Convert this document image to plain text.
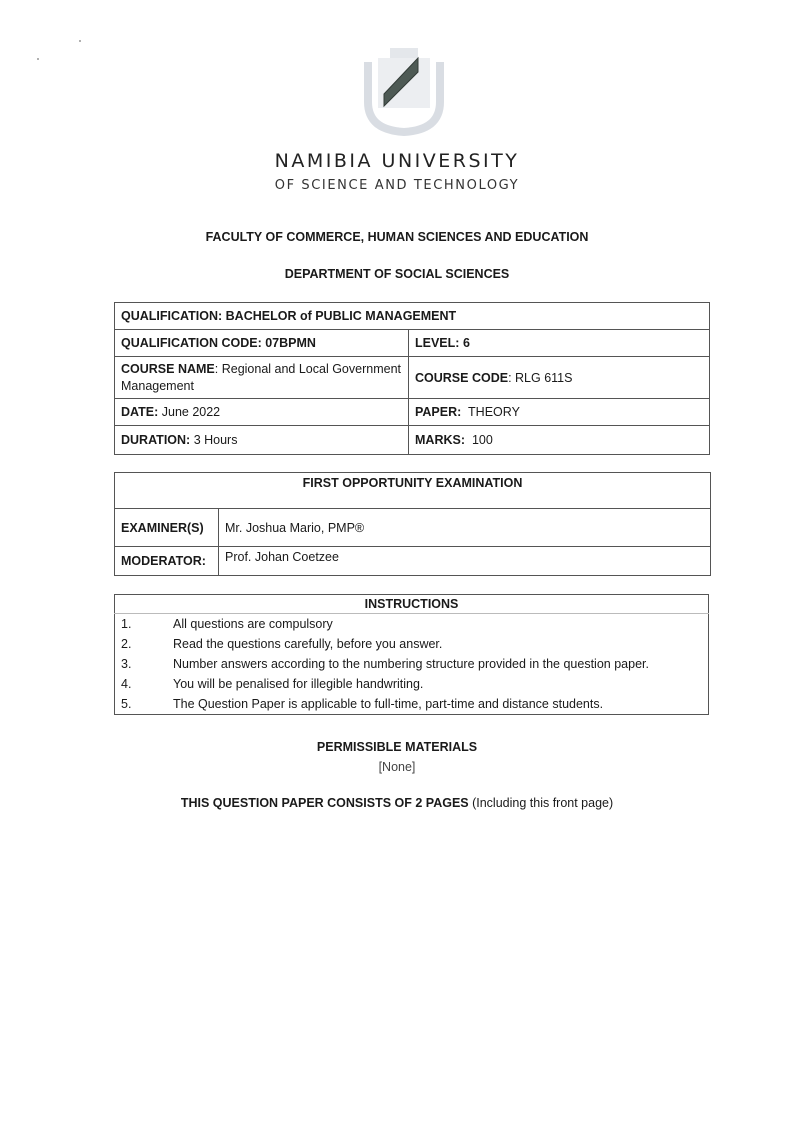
NAMIBIA UNIVERSITY
OF SCIENCE AND TECHNOLOGY
FACULTY OF COMMERCE, HUMAN SCIENCES AND EDUCATION
DEPARTMENT OF SOCIAL SCIENCES
QUALIFICATION: BACHELOR of PUBLIC MANAGEMENT	
QUALIFICATION CODE: 07BPMN	LEVEL: 6
COURSE NAME: Regional and Local Government Management	COURSE CODE: RLG 611S
DATE: June 2022	PAPER: THEORY
DURATION: 3 Hours	MARKS: 100
FIRST OPPORTUNITY EXAMINATION	
EXAMINER(S)	Mr. Joshua Mario, PMP®
MODERATOR:	Prof. Johan Coetzee
INSTRUCTIONS	
1.	All questions are compulsory
2.	Read the questions carefully, before you answer.
3.	Number answers according to the numbering structure provided in the question paper.
4.	You will be penalised for illegible handwriting.
5.	The Question Paper is applicable to full-time, part-time and distance students.
PERMISSIBLE MATERIALS
[None]
THIS QUESTION PAPER CONSISTS OF 2 PAGES (Including this front page)
